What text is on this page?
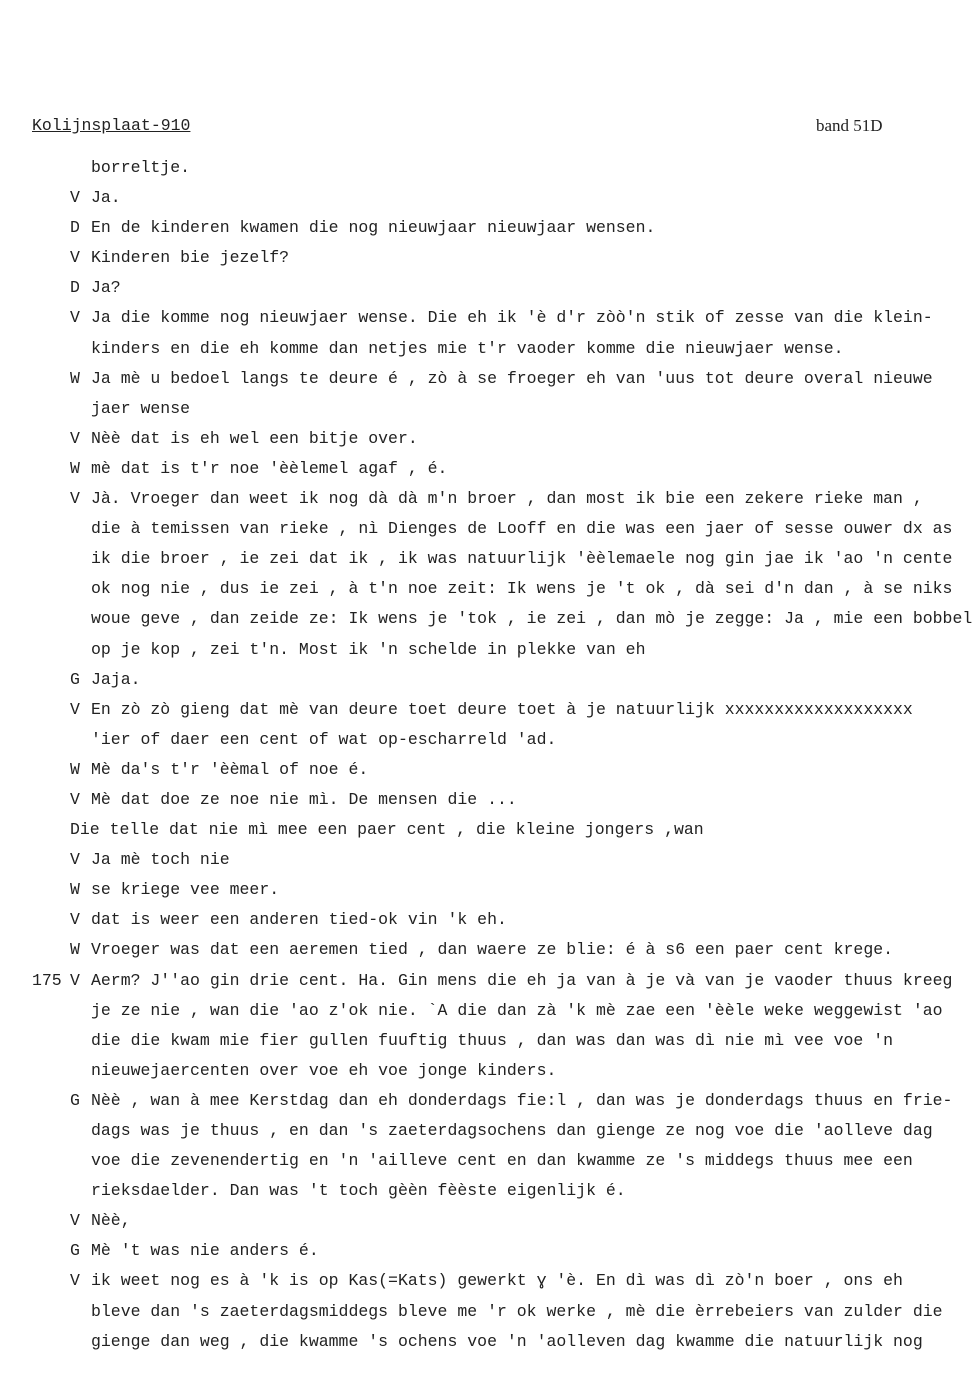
Kolijnsplaat-910	band 51D
borreltje.
V Ja.
D En de kinderen kwamen die nog nieuwjaar nieuwjaar wensen.
V Kinderen bie jezelf?
D Ja?
V Ja die komme nog nieuwjaer wense. Die eh ik 'è d'r zòò'n stik of zesse van die klein-
kinders en die eh komme dan netjes mie t'r vaoder komme die nieuwjaer wense.
W Ja mè u bedoel langs te deure é , zò à se froeger eh van 'uus tot deure overal nieuwe
jaer wense
V Nèè dat is eh wel een bitje over.
W mè dat is t'r noe 'èèlemel agaf , é.
V Jà. Vroeger dan weet ik nog dà dà m'n broer , dan most ik bie een zekere rieke man ,
die à temissen van rieke , nì Dienges de Looff en die was een jaer of sesse ouwer dx as
ik die broer , ie zei dat ik , ik was natuurlijk 'èèlemaele nog gin jae ik 'ao 'n cente
ok nog nie , dus ie zei , à t'n noe zeit: Ik wens je 't ok , dà sei d'n dan , à se niks
woue geve , dan zeide ze: Ik wens je 'tok , ie zei , dan mò je zegge: Ja , mie een bobbel
op je kop , zei t'n. Most ik 'n schelde in plekke van eh
G Jaja.
V En zò zò gieng dat mè van deure toet deure toet à je natuurlijk xxxxxxxxxxxxxxxxxxx
'ier of daer een cent of wat op-escharreld 'ad.
W Mè da's t'r 'èèmal of noe é.
V Mè dat doe ze noe nie mì. De mensen die ...
Die telle dat nie mì mee een paer cent , die kleine jongers ,wan
V Ja mè toch nie
W se kriege vee meer.
V dat is weer een anderen tied-ok vin 'k eh.
W Vroeger was dat een aeremen tied , dan waere ze blie: é à s6 een paer cent krege.
175 V Aerm? J''ao gin drie cent. Ha. Gin mens die eh ja van à je và van je vaoder thuus kreeg
je ze nie , wan die 'ao z'ok nie. `A die dan zà 'k mè zae een 'èèle weke weggewist 'ao
die die kwam mie fier gullen fuuftig thuus , dan was dan was dì nie mì vee voe 'n
nieuwejaercenten over voe eh voe jonge kinders.
G Nèè , wan à mee Kerstdag dan eh donderdags fie:l , dan was je donderdags thuus en frie-
dags was je thuus , en dan 's zaeterdagsochens dan gienge ze nog voe die 'aolleve dag
voe die zevenendertig en 'n 'ailleve cent en dan kwamme ze 's middegs thuus mee een
rieksdaelder. Dan was 't toch gèèn fèèste eigenlijk é.
V Nèè,
G Mè 't was nie anders é.
V ik weet nog es à 'k is op Kas(=Kats) gewerkt ɣ 'è. En dì was dì zò'n boer , ons eh
bleve dan 's zaeterdagsmiddegs bleve me 'r ok werke , mè die èrrebeiers van zulder die
gienge dan weg , die kwamme 's ochens voe 'n 'aolleven dag kwamme die natuurlijk nog
